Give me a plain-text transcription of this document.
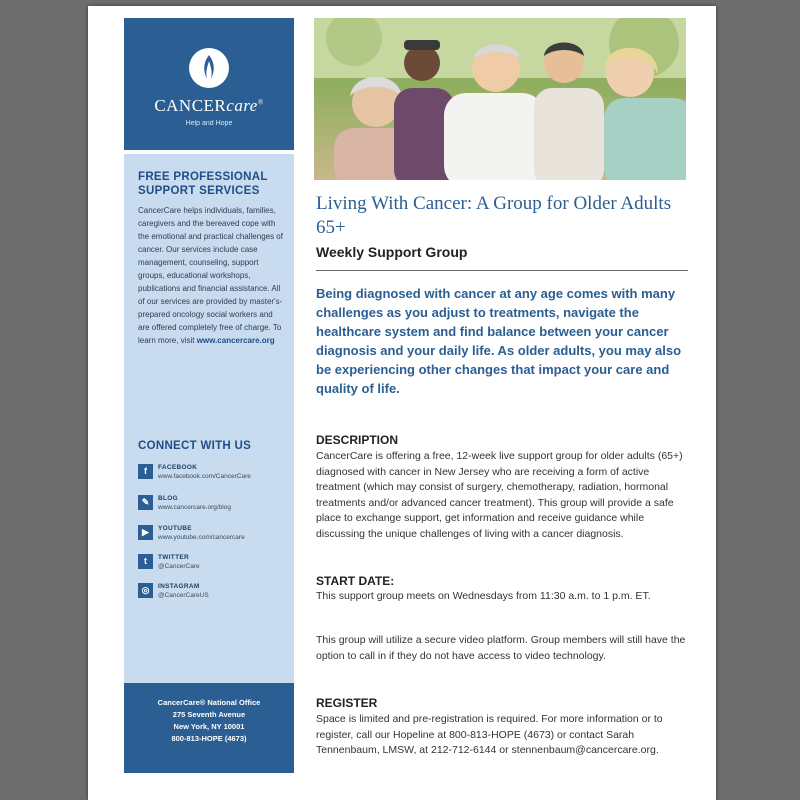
CANCERcare®
Help and Hope
FREE PROFESSIONAL SUPPORT SERVICES
CancerCare helps individuals, families, caregivers and the bereaved cope with the emotional and practical challenges of cancer. Our services include case management, counseling, support groups, educational workshops, publications and financial assistance. All of our services are provided by master's-prepared oncology social workers and are offered completely free of charge. To learn more, visit www.cancercare.org
CONNECT WITH US
f	FACEBOOK
www.facebook.com/CancerCare
✎	BLOG
www.cancercare.org/blog
▶	YOUTUBE
www.youtube.com/cancercare
t	TWITTER
@CancerCare
◎	INSTAGRAM
@CancerCareUS
CancerCare® National Office
275 Seventh Avenue
New York, NY 10001
800-813-HOPE (4673)
Living With Cancer: A Group for Older Adults 65+
Weekly Support Group
Being diagnosed with cancer at any age comes with many challenges as you adjust to treatments, navigate the healthcare system and find balance between your cancer diagnosis and your daily life. As older adults, you may also be experiencing other changes that impact your care and quality of life.
DESCRIPTION
CancerCare is offering a free, 12-week live support group for older adults (65+) diagnosed with cancer in New Jersey who are receiving a form of active treatment (which may consist of surgery, chemotherapy, radiation, hormonal treatments and/or advanced cancer treatment). This group will provide a safe place to exchange support, get information and receive guidance while discussing the unique challenges of living with a cancer diagnosis.
START DATE:
This support group meets on Wednesdays from 11:30 a.m. to 1 p.m. ET.
This group will utilize a secure video platform. Group members will still have the option to call in if they do not have access to video technology.
REGISTER
Space is limited and pre-registration is required. For more information or to register, call our Hopeline at 800-813-HOPE (4673) or contact Sarah Tennenbaum, LMSW, at 212-712-6144 or stennenbaum@cancercare.org.
